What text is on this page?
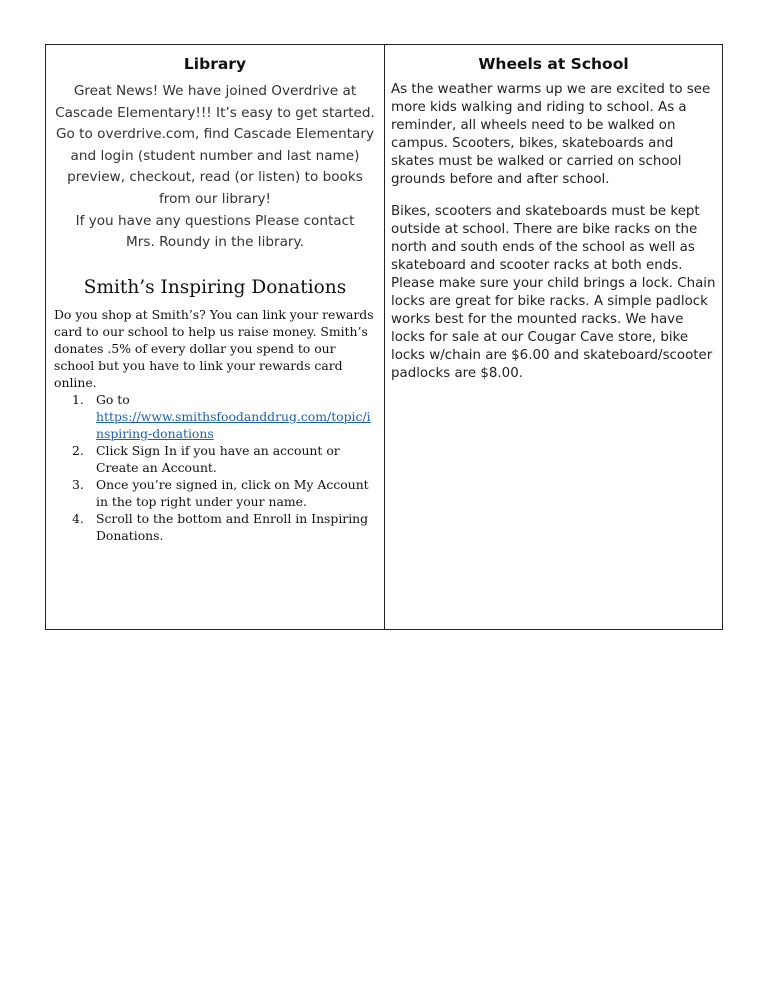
Library

Great News! We have joined Overdrive at

Cascade Elementary!!! It’s easy to get started.

Go to overdrive.com, find Cascade Elementary

and login (student number and last name)

preview, checkout, read (or listen) to books

from our library!

If you have any questions Please contact

Mrs. Roundy in the library.

Smith’s Inspiring Donations

Do you shop at Smith’s? You can link your rewards card to our school to help us raise money. Smith’s donates .5% of every dollar you spend to our school but you have to link your rewards card online.

1. Go to
https://www.smithsfoodanddrug.com/topic/inspiring-donations
2. Click Sign In if you have an account or Create an Account.
3. Once you’re signed in, click on My Account in the top right under your name.
4. Scroll to the bottom and Enroll in Inspiring Donations.
Wheels at School

As the weather warms up we are excited to see more kids walking and riding to school. As a reminder, all wheels need to be walked on campus. Scooters, bikes, skateboards and skates must be walked or carried on school grounds before and after school.

Bikes, scooters and skateboards must be kept outside at school. There are bike racks on the north and south ends of the school as well as skateboard and scooter racks at both ends. Please make sure your child brings a lock. Chain locks are great for bike racks. A simple padlock works best for the mounted racks. We have locks for sale at our Cougar Cave store, bike locks w/chain are $6.00 and skateboard/scooter padlocks are $8.00.
